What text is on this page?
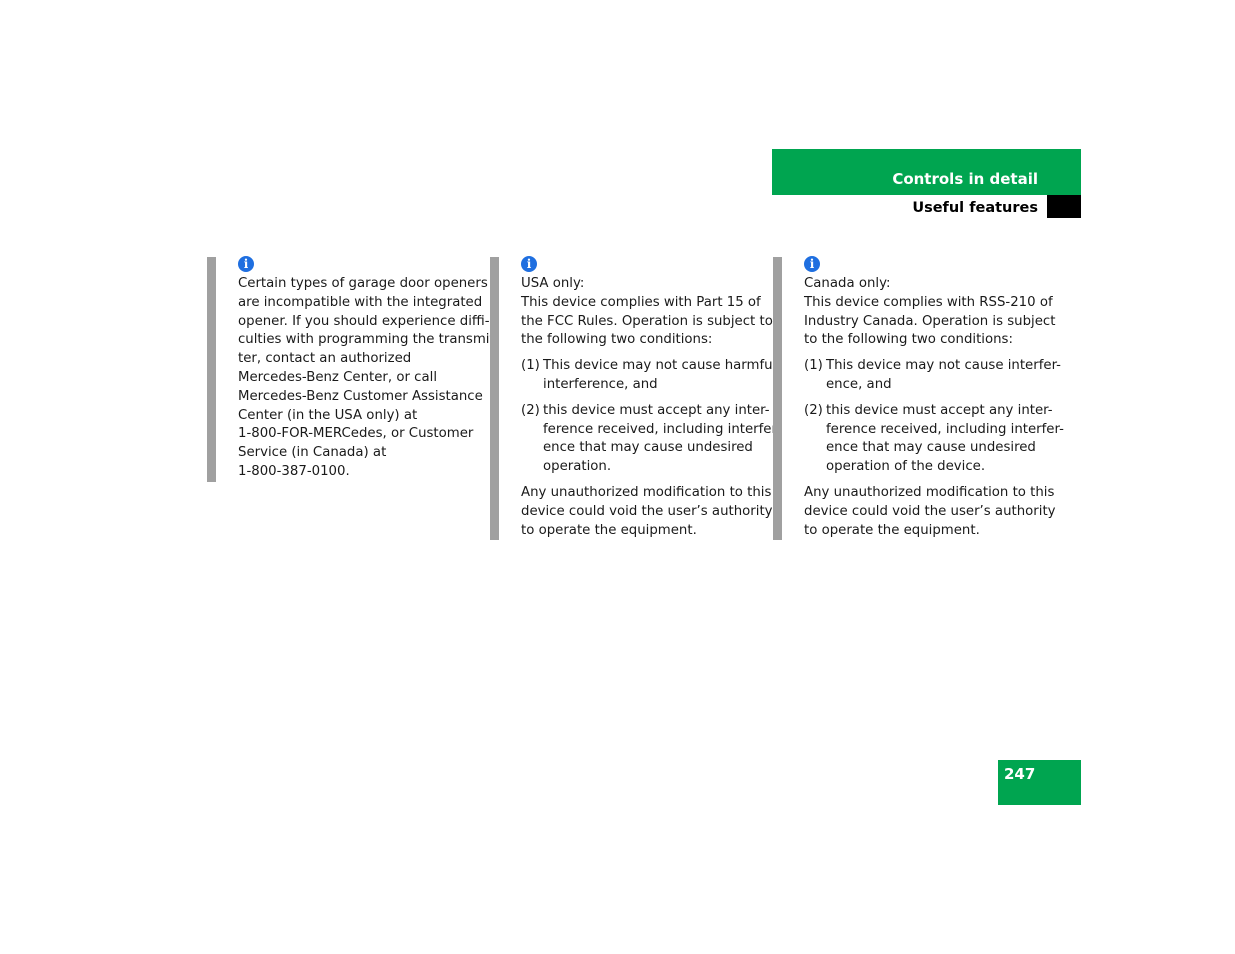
Controls in detail
Useful features
i
Certain types of garage door openers
are incompatible with the integrated
opener. If you should experience diffi-
culties with programming the transmit-
ter, contact an authorized
Mercedes-Benz Center, or call
Mercedes-Benz Customer Assistance
Center (in the USA only) at
1-800-FOR-MERCedes, or Customer
Service (in Canada) at
1-800-387-0100.
i
USA only:
This device complies with Part 15 of
the FCC Rules. Operation is subject to
the following two conditions:
(1) This device may not cause harmful
interference, and
(2) this device must accept any inter-
ference received, including interfer-
ence that may cause undesired
operation.
Any unauthorized modification to this
device could void the user’s authority
to operate the equipment.
i
Canada only:
This device complies with RSS-210 of
Industry Canada. Operation is subject
to the following two conditions:
(1) This device may not cause interfer-
ence, and
(2) this device must accept any inter-
ference received, including interfer-
ence that may cause undesired
operation of the device.
Any unauthorized modification to this
device could void the user’s authority
to operate the equipment.
247
